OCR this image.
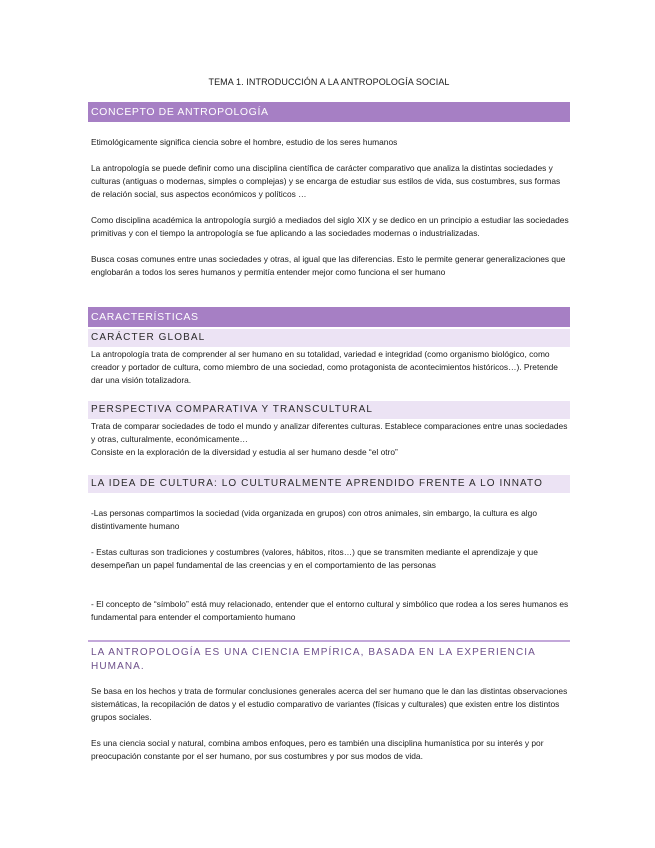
TEMA 1. INTRODUCCIÓN A LA ANTROPOLOGÍA SOCIAL
CONCEPTO DE ANTROPOLOGÍA

Etimológicamente significa ciencia sobre el hombre, estudio de los seres humanos

La antropología se puede definir como una disciplina científica de carácter comparativo que analiza la distintas sociedades y culturas (antiguas o modernas, simples o complejas) y se encarga de estudiar sus estilos de vida, sus costumbres, sus formas de relación social, sus aspectos económicos y políticos …

Como disciplina académica la antropología surgió a mediados del siglo XIX y se dedico en un principio a estudiar las sociedades primitivas y con el tiempo la antropología se fue aplicando a las sociedades modernas o industrializadas.

Busca cosas comunes entre unas sociedades y otras, al igual que las diferencias. Esto le permite generar generalizaciones que englobarán a todos los seres humanos y permitía entender mejor como funciona el ser humano

CARACTERÍSTICAS
CARÁCTER GLOBAL

La antropología trata de comprender al ser humano en su totalidad, variedad e integridad (como organismo biológico, como creador y portador de cultura, como miembro de una sociedad, como protagonista de acontecimientos históricos…). Pretende dar una visión totalizadora.

PERSPECTIVA COMPARATIVA Y TRANSCULTURAL

Trata de comparar sociedades de todo el mundo y analizar diferentes culturas. Establece comparaciones entre unas sociedades y otras, culturalmente, económicamente…

Consiste en la exploración de la diversidad y estudia al ser humano desde “el otro”

LA IDEA DE CULTURA: LO CULTURALMENTE APRENDIDO FRENTE A LO INNATO

-Las personas compartimos la sociedad (vida organizada en grupos) con otros animales, sin embargo, la cultura es algo distintivamente humano

- Estas culturas son tradiciones y costumbres (valores, hábitos, ritos…) que se transmiten mediante el aprendizaje y que desempeñan un papel fundamental de las creencias y en el comportamiento de las personas

- El concepto de “símbolo” está muy relacionado, entender que el entorno cultural y simbólico que rodea a los seres humanos es fundamental para entender el comportamiento humano

LA ANTROPOLOGÍA ES UNA CIENCIA EMPÍRICA, BASADA EN LA EXPERIENCIA HUMANA.

Se basa en los hechos y trata de formular conclusiones generales acerca del ser humano que le dan las distintas observaciones sistemáticas, la recopilación de datos y el estudio comparativo de variantes (físicas y culturales) que existen entre los distintos grupos sociales.

Es una ciencia social y natural, combina ambos enfoques, pero es también una disciplina humanística por su interés y por preocupación constante por el ser humano, por sus costumbres y por sus modos de vida.
